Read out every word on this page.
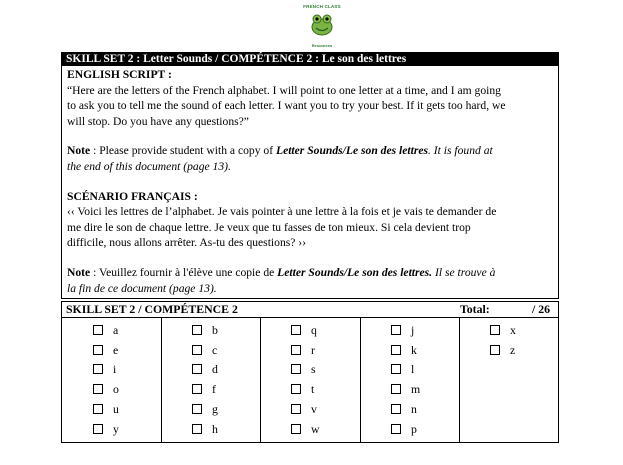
FRENCH CLASS
Resources
SKILL SET 2 : Letter Sounds / COMPÉTENCE 2 : Le son des lettres

ENGLISH SCRIPT :

“Here are the letters of the French alphabet. I will point to one letter at a time, and I am going

to ask you to tell me the sound of each letter. I want you to try your best. If it gets too hard, we

will stop. Do you have any questions?”

Note : Please provide student with a copy of Letter Sounds/Le son des lettres. It is found at

the end of this document (page 13).

SCÉNARIO FRANÇAIS :

‹‹ Voici les lettres de l’alphabet. Je vais pointer à une lettre à la fois et je vais te demander de

me dire le son de chaque lettre. Je veux que tu fasses de ton mieux. Si cela devient trop

difficile, nous allons arrêter. As-tu des questions? ››

Note : Veuillez fournir à l'élève une copie de Letter Sounds/Le son des lettres. Il se trouve à

la fin de ce document (page 13).

SKILL SET 2 / COMPÉTENCE 2	Total:	/ 26
a
e
i
o
u
y
b
c
d
f
g
h
q
r
s
t
v
w
j
k
l
m
n
p
x
z
